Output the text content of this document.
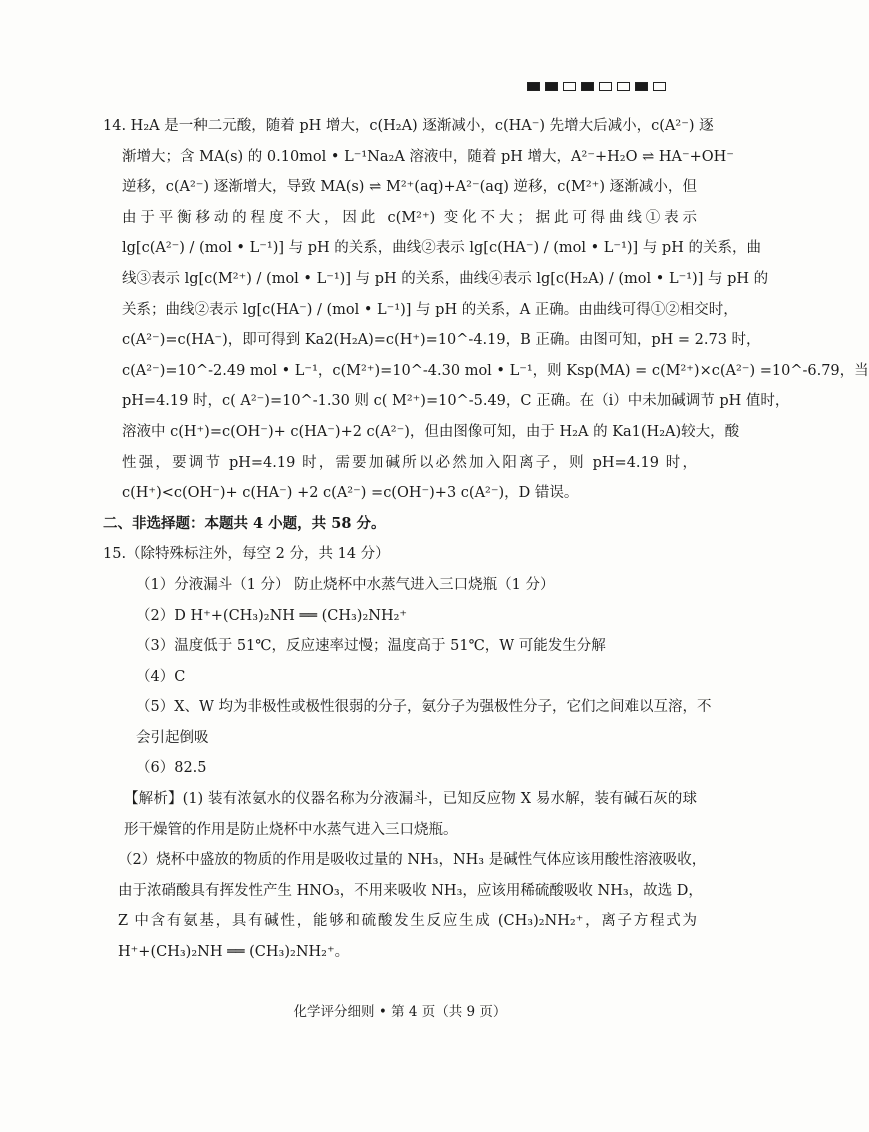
14. H₂A 是一种二元酸，随着 pH 增大，c(H₂A) 逐渐减小，c(HA⁻) 先增大后减小，c(A²⁻) 逐
渐增大；含 MA(s) 的 0.10mol • L⁻¹Na₂A 溶液中，随着 pH 增大，A²⁻+H₂O ⇌ HA⁻+OH⁻
逆移，c(A²⁻) 逐渐增大，导致 MA(s) ⇌ M²⁺(aq)+A²⁻(aq) 逆移，c(M²⁺) 逐渐减小，但
由于平衡移动的程度不大，因此 c(M²⁺) 变化不大；据此可得曲线①表示
lg[c(A²⁻) / (mol • L⁻¹)] 与 pH 的关系，曲线②表示 lg[c(HA⁻) / (mol • L⁻¹)] 与 pH 的关系，曲
线③表示 lg[c(M²⁺) / (mol • L⁻¹)] 与 pH 的关系，曲线④表示 lg[c(H₂A) / (mol • L⁻¹)] 与 pH 的
关系；曲线②表示 lg[c(HA⁻) / (mol • L⁻¹)] 与 pH 的关系，A 正确。由曲线可得①②相交时，
c(A²⁻)=c(HA⁻)，即可得到 Ka2(H₂A)=c(H⁺)=10^-4.19，B 正确。由图可知，pH = 2.73 时，
c(A²⁻)=10^-2.49 mol • L⁻¹，c(M²⁺)=10^-4.30 mol • L⁻¹，则 Ksp(MA) = c(M²⁺)×c(A²⁻) =10^-6.79，当
pH=4.19 时，c( A²⁻)=10^-1.30 则 c( M²⁺)=10^-5.49，C 正确。在（i）中未加碱调节 pH 值时，
溶液中 c(H⁺)=c(OH⁻)+ c(HA⁻)+2 c(A²⁻)，但由图像可知，由于 H₂A 的 Ka1(H₂A)较大，酸
性强，要调节 pH=4.19 时，需要加碱所以必然加入阳离子，则 pH=4.19 时，
c(H⁺)<c(OH⁻)+ c(HA⁻) +2 c(A²⁻) =c(OH⁻)+3 c(A²⁻)，D 错误。
二、非选择题：本题共 4 小题，共 58 分。
15.（除特殊标注外，每空 2 分，共 14 分）
（1）分液漏斗（1 分） 防止烧杯中水蒸气进入三口烧瓶（1 分）
（2）D H⁺+(CH₃)₂NH ══ (CH₃)₂NH₂⁺
（3）温度低于 51℃，反应速率过慢；温度高于 51℃，W 可能发生分解
（4）C
（5）X、W 均为非极性或极性很弱的分子，氨分子为强极性分子，它们之间难以互溶，不
会引起倒吸
（6）82.5
【解析】(1) 装有浓氨水的仪器名称为分液漏斗，已知反应物 X 易水解，装有碱石灰的球
形干燥管的作用是防止烧杯中水蒸气进入三口烧瓶。
（2）烧杯中盛放的物质的作用是吸收过量的 NH₃，NH₃ 是碱性气体应该用酸性溶液吸收，
由于浓硝酸具有挥发性产生 HNO₃，不用来吸收 NH₃，应该用稀硫酸吸收 NH₃，故选 D，
Z 中含有氨基，具有碱性，能够和硫酸发生反应生成 (CH₃)₂NH₂⁺，离子方程式为
H⁺+(CH₃)₂NH ══ (CH₃)₂NH₂⁺。
化学评分细则 • 第 4 页（共 9 页）
